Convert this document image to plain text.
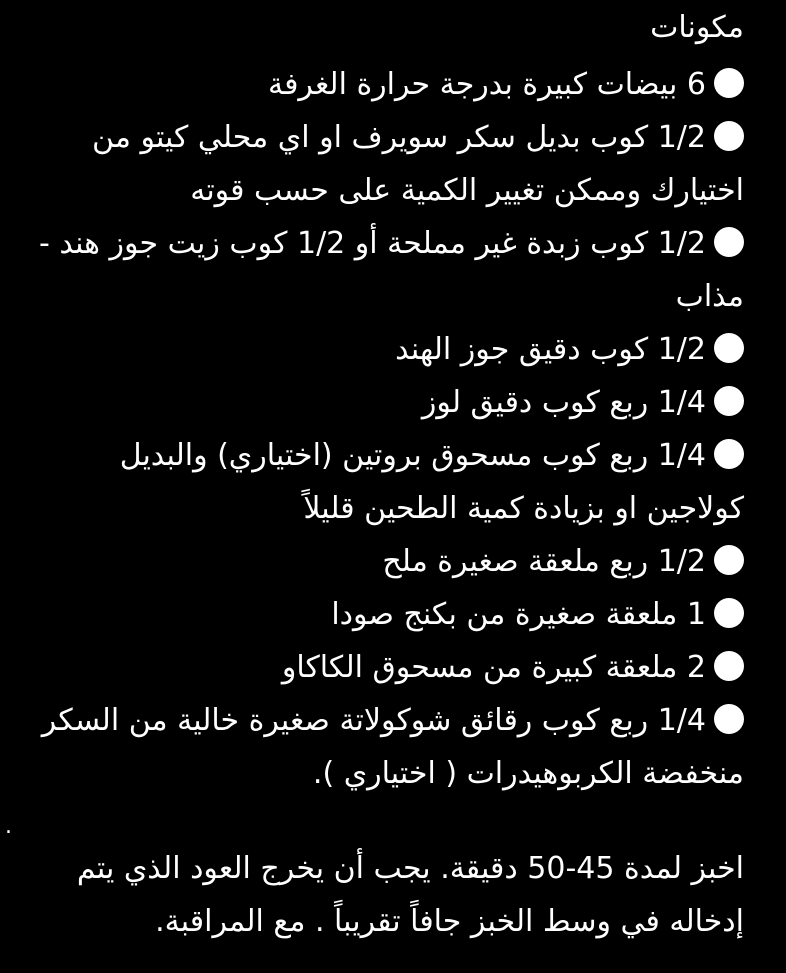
مكونات
6 بيضات كبيرة بدرجة حرارة الغرفة
1/2 كوب بديل سكر سويرف او اي محلي كيتو من اختيارك وممكن تغيير الكمية على حسب قوته
1/2 كوب زبدة غير مملحة أو 1/2 كوب زيت جوز هند - مذاب
1/2 كوب دقيق جوز الهند
1/4 ربع كوب دقيق لوز
1/4 ربع كوب مسحوق بروتين (اختياري) والبديل كولاجين او بزيادة كمية الطحين قليلاً
1/2 ربع ملعقة صغيرة ملح
1 ملعقة صغيرة من بكنج صودا
2 ملعقة كبيرة من مسحوق الكاكاو
1/4 ربع كوب رقائق شوكولاتة صغيرة خالية من السكر منخفضة الكربوهيدرات ( اختياري ).
.

اخبز لمدة 45-50 دقيقة. يجب أن يخرج العود الذي يتم إدخاله في وسط الخبز جافاً تقريباً . مع المراقبة.
